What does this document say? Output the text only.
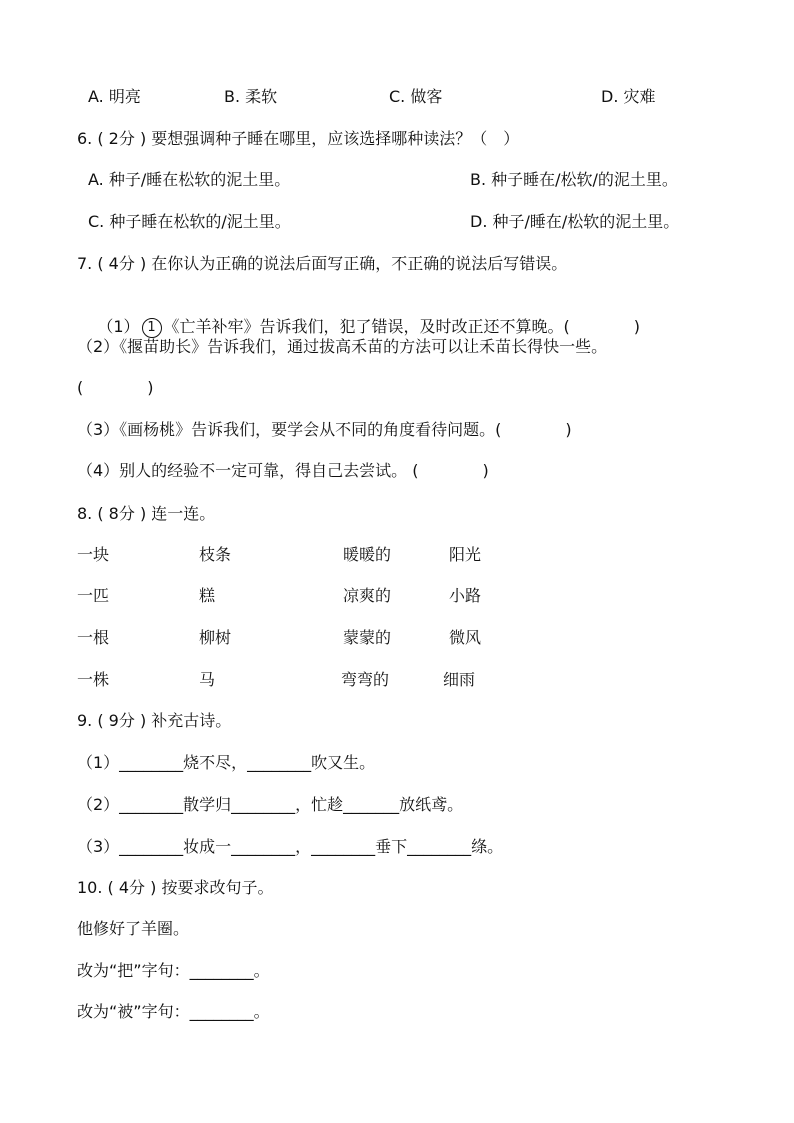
A. 明亮	B. 柔软	C. 做客	D. 灾难
6. ( 2分 ) 要想强调种子睡在哪里，应该选择哪种读法？（　）
A. 种子/睡在松软的泥土里。	B. 种子睡在/松软/的泥土里。
C. 种子睡在松软的/泥土里。	D. 种子/睡在/松软的泥土里。
7. ( 4分 ) 在你认为正确的说法后面写正确，不正确的说法后写错误。

（1） 1 《亡羊补牢》告诉我们，犯了错误，及时改正还不算晚。(　　　　)

（2）《揠苗助长》告诉我们，通过拔高禾苗的方法可以让禾苗长得快一些。
(　　　　)
（3）《画杨桃》告诉我们，要学会从不同的角度看待问题。(　　　　)
（4）别人的经验不一定可靠，得自己去尝试。 (　　　　)
8. ( 8分 ) 连一连。
一块	枝条	暖暖的	阳光
一匹	糕	凉爽的	小路
一根	柳树	蒙蒙的	微风
一株	马	弯弯的	细雨
9. ( 9分 ) 补充古诗。
（1）________烧不尽，________吹又生。
（2）________散学归________，忙趁_______放纸鸢。
（3）________妆成一________，________垂下________绦。
10. ( 4分 ) 按要求改句子。
他修好了羊圈。
改为“把”字句：________。
改为“被”字句：________。
